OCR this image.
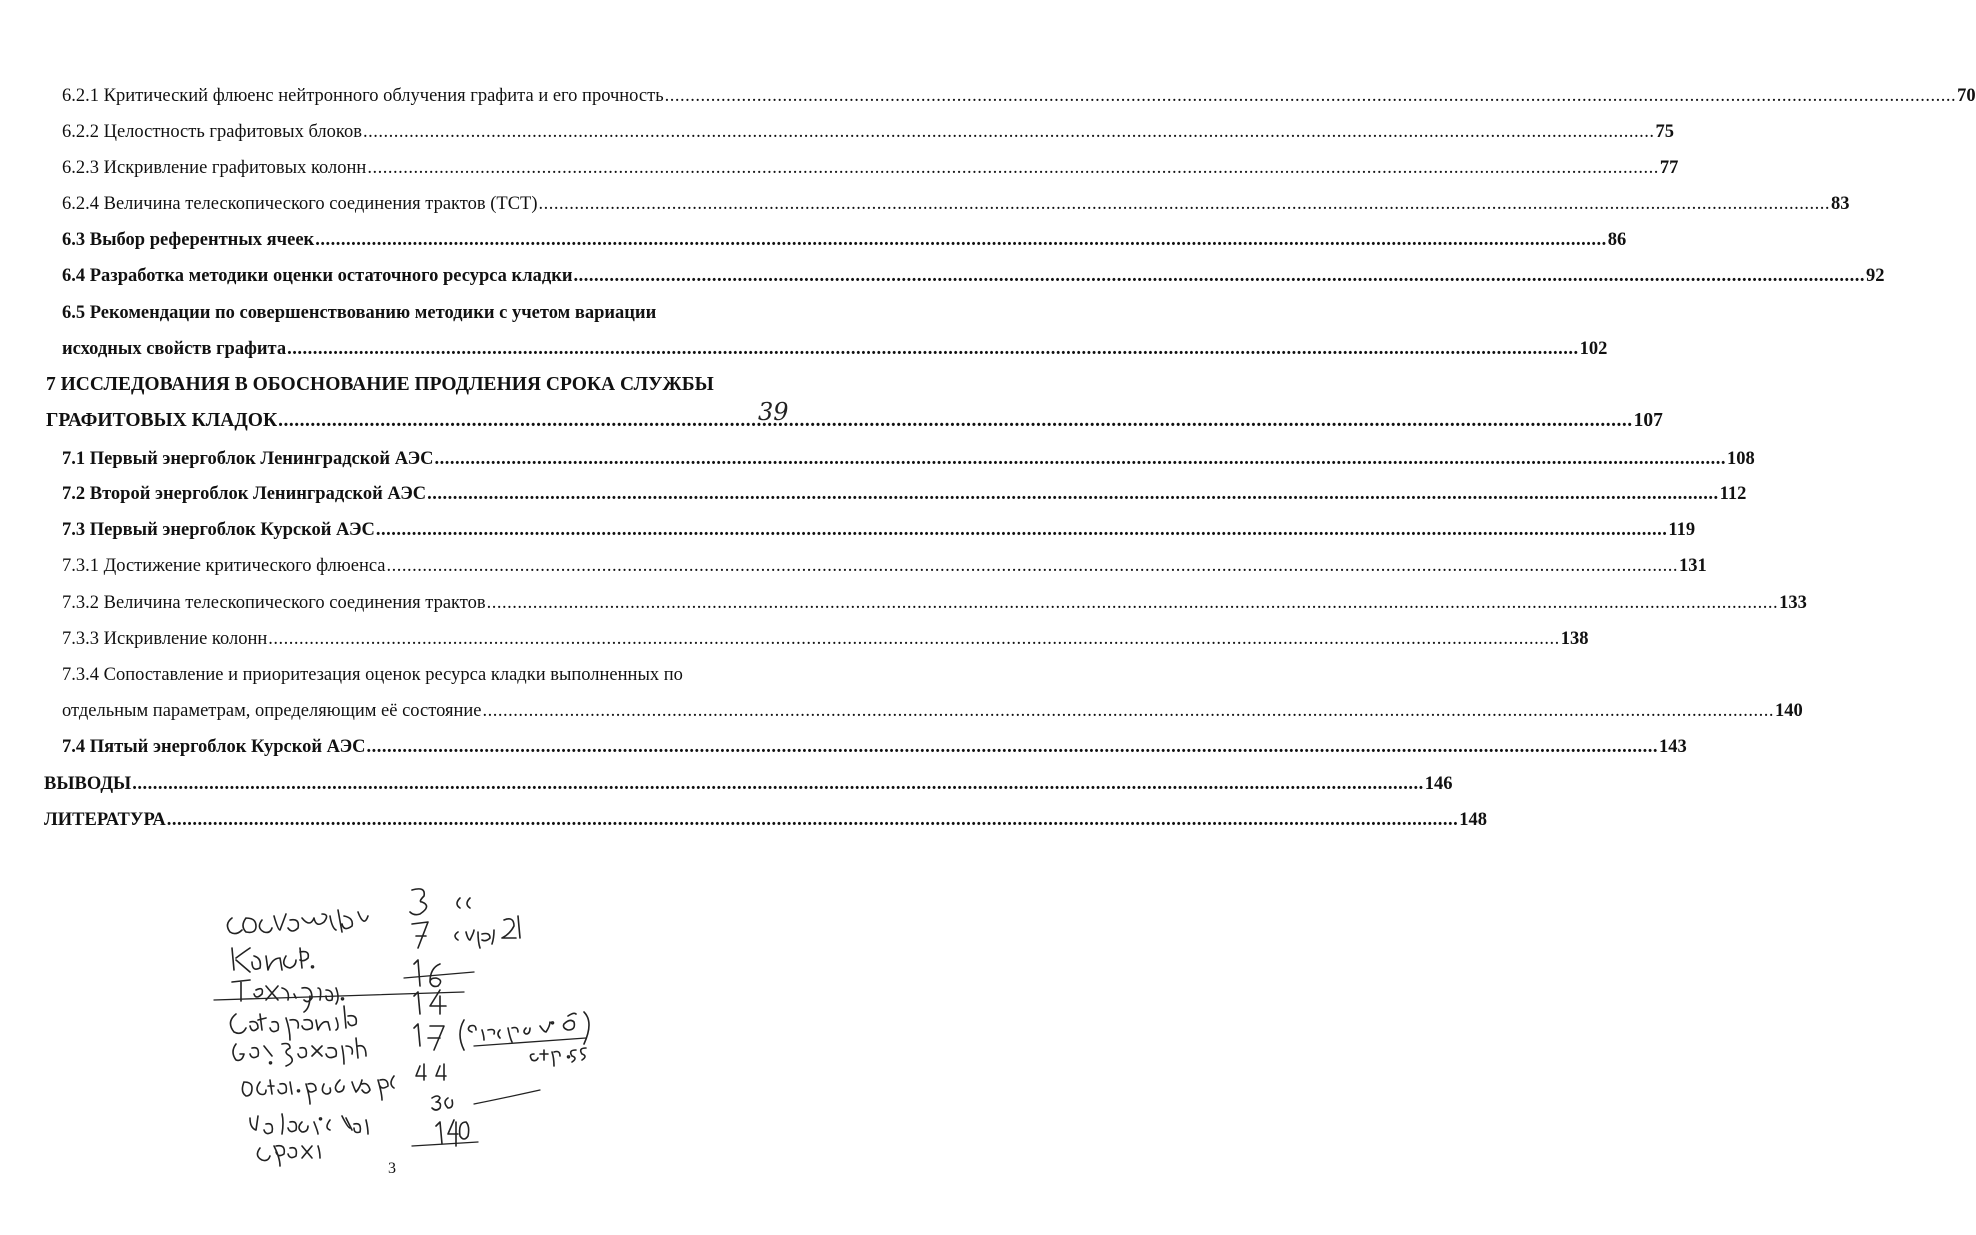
6.2.1 Критический флюенс нейтронного облучения графита и его прочность .....	70
6.2.2 Целостность графитовых блоков .....	75
6.2.3 Искривление графитовых колонн .....	77
6.2.4 Величина телескопического соединения трактов (ТСТ) .....	83
6.3 Выбор референтных ячеек .....	86
6.4 Разработка методики оценки остаточного ресурса кладки .....	92
6.5 Рекомендации по совершенствованию методики с учетом вариации
исходных свойств графита .....	102
7 ИССЛЕДОВАНИЯ В ОБОСНОВАНИЕ ПРОДЛЕНИЯ СРОКА СЛУЖБЫ
ГРАФИТОВЫХ КЛАДОК .....	107
39
7.1 Первый энергоблок Ленинградской АЭС .....	108
7.2 Второй энергоблок Ленинградской АЭС .....	112
7.3 Первый энергоблок Курской АЭС .....	119
7.3.1 Достижение критического флюенса .....	131
7.3.2 Величина телескопического соединения трактов .....	133
7.3.3 Искривление колонн .....	138
7.3.4 Сопоставление и приоритезация оценок ресурса кладки выполненных по
отдельным параметрам, определяющим её состояние .....	140
7.4 Пятый энергоблок Курской АЭС .....	143
ВЫВОДЫ .....	146
ЛИТЕРАТУРА .....	148
3
